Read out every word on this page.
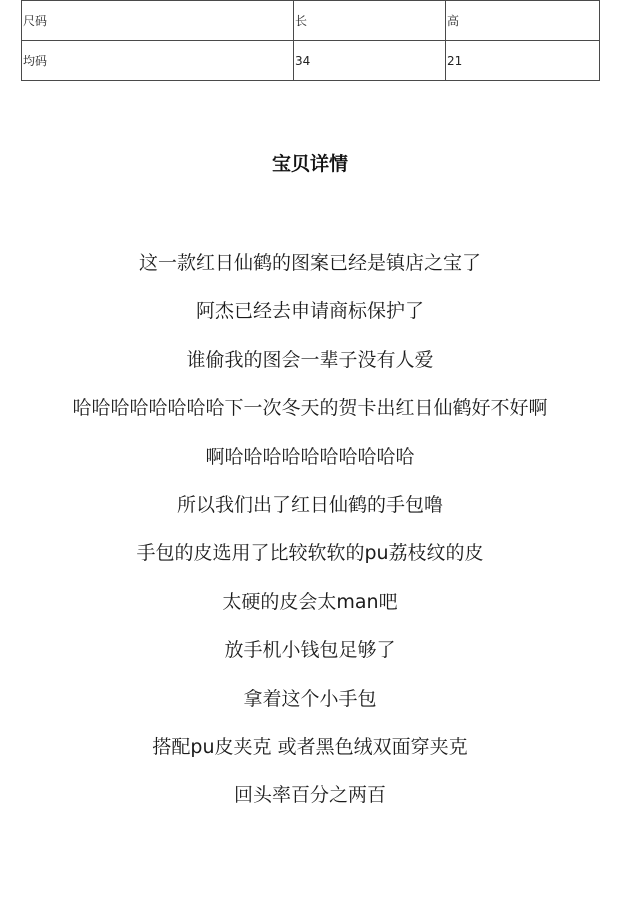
尺码	长	高
均码	34	21
宝贝详情
这一款红日仙鹤的图案已经是镇店之宝了
阿杰已经去申请商标保护了
谁偷我的图会一辈子没有人爱
哈哈哈哈哈哈哈哈下一次冬天的贺卡出红日仙鹤好不好啊
啊哈哈哈哈哈哈哈哈哈哈
所以我们出了红日仙鹤的手包噜
手包的皮选用了比较软软的pu荔枝纹的皮
太硬的皮会太man吧
放手机小钱包足够了
拿着这个小手包
搭配pu皮夹克 或者黑色绒双面穿夹克
回头率百分之两百
